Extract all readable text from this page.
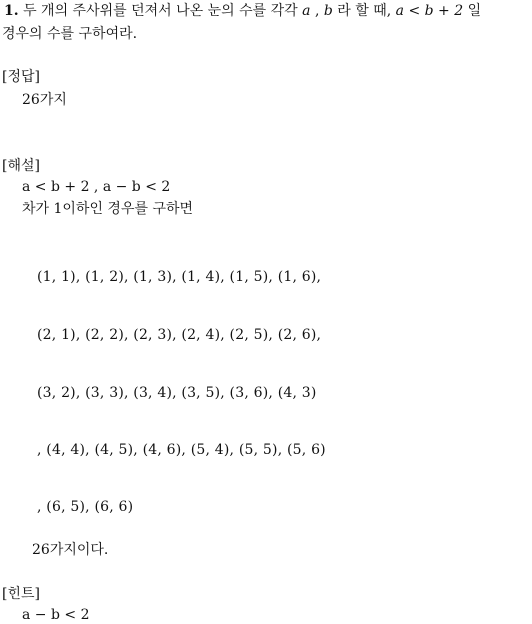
1. 두 개의 주사위를 던져서 나온 눈의 수를 각각 a , b 라 할 때, a < b + 2 일
경우의 수를 구하여라.
[정답]
26가지
[해설]
a < b + 2 , a − b < 2
차가 1이하인 경우를 구하면
(1, 1), (1, 2), (1, 3), (1, 4), (1, 5), (1, 6),
(2, 1), (2, 2), (2, 3), (2, 4), (2, 5), (2, 6),
(3, 2), (3, 3), (3, 4), (3, 5), (3, 6), (4, 3)
, (4, 4), (4, 5), (4, 6), (5, 4), (5, 5), (5, 6)
, (6, 5), (6, 6)
26가지이다.
[힌트]
a − b < 2
